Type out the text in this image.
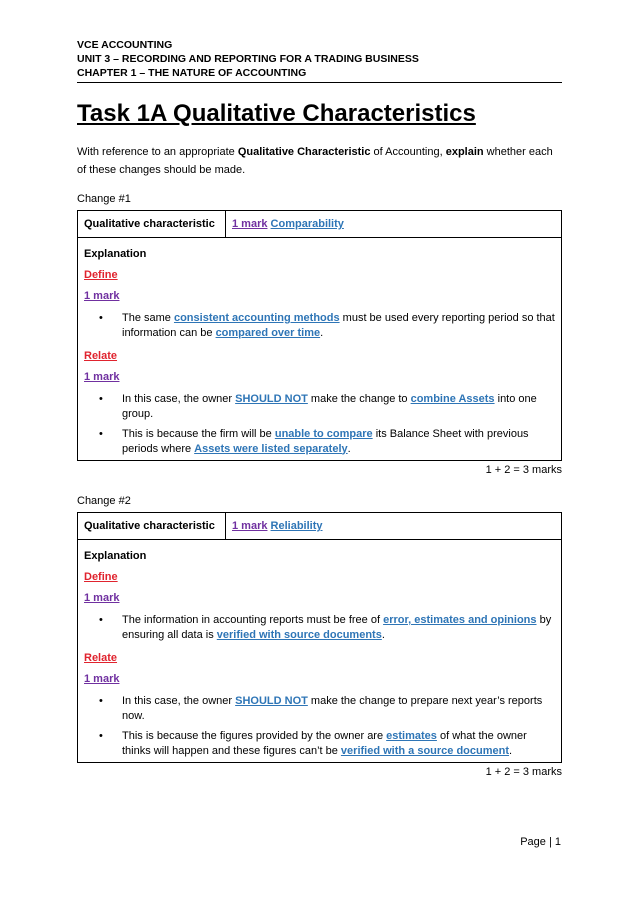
VCE ACCOUNTING
UNIT 3 – RECORDING AND REPORTING FOR A TRADING BUSINESS
CHAPTER 1 – THE NATURE OF ACCOUNTING
Task 1A Qualitative Characteristics
With reference to an appropriate Qualitative Characteristic of Accounting, explain whether each of these changes should be made.
Change #1
Qualitative characteristic	1 mark
Comparability
Explanation
Define
1 mark
• The same consistent accounting methods must be used every reporting period so that information can be compared over time.
Relate
1 mark
• In this case, the owner SHOULD NOT make the change to combine Assets into one group.
• This is because the firm will be unable to compare its Balance Sheet with previous periods where Assets were listed separately.
1 + 2 = 3 marks
Change #2
Qualitative characteristic	1 mark
Reliability
Explanation
Define
1 mark
• The information in accounting reports must be free of error, estimates and opinions by ensuring all data is verified with source documents.
Relate
1 mark
• In this case, the owner SHOULD NOT make the change to prepare next year’s reports now.
• This is because the figures provided by the owner are estimates of what the owner thinks will happen and these figures can’t be verified with a source document.
1 + 2 = 3 marks
Page | 1
